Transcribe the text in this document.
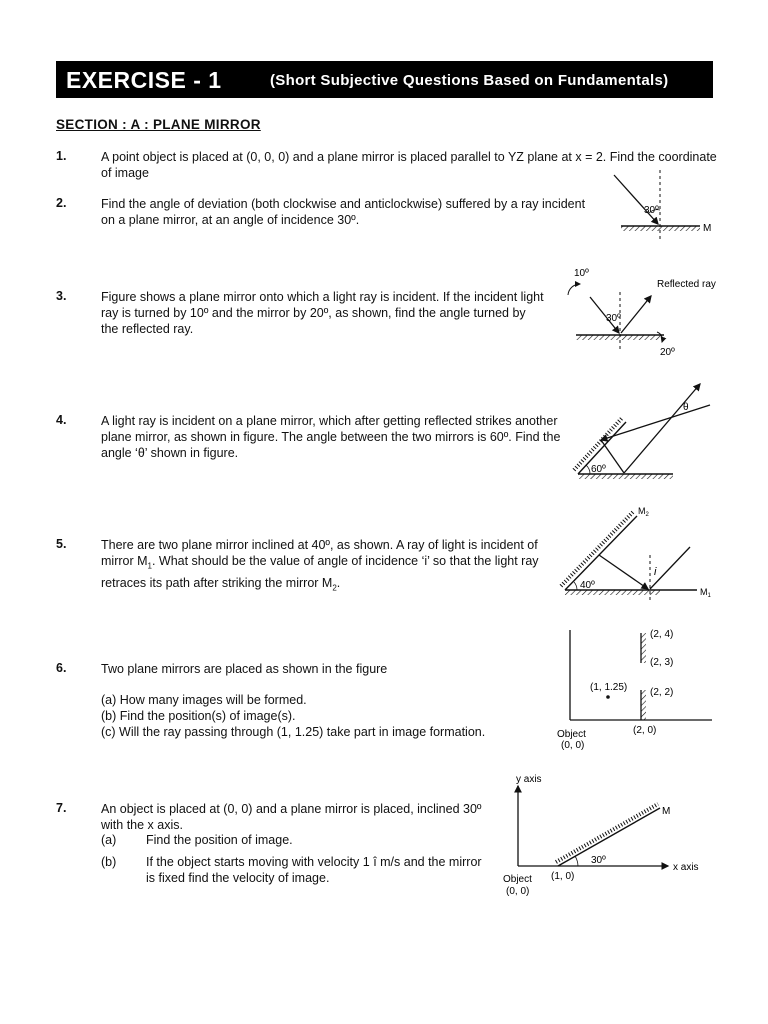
EXERCISE - 1	(Short Subjective Questions Based on Fundamentals)
SECTION : A : PLANE MIRROR
1.	A point object is placed at (0, 0, 0) and a plane mirror is placed parallel to YZ plane at x = 2. Find the coordinate of image
2.	Find the angle of deviation (both clockwise and anticlockwise) suffered by a ray incident on a plane mirror, at an angle of incidence 30º.
3.	Figure shows a plane mirror onto which a light ray is incident. If the incident light ray is turned by 10º and the mirror by 20º, as shown, find the angle turned by the reflected ray.
4.	A light ray is incident on a plane mirror, which after getting reflected strikes another plane mirror, as shown in figure. The angle between the two mirrors is 60º. Find the angle ‘θ’ shown in figure.
5.	There are two plane mirror inclined at 40º, as shown. A ray of light is incident of mirror $M_1$. What should be the value of angle of incidence ‘i’ so that the light ray retraces its path after striking the mirror $M_2$.
6.	Two plane mirrors are placed as shown in the figure
(a) How many images will be formed.
(b) Find the position(s) of image(s).
(c) Will the ray passing through (1, 1.25) take part in image formation.
7.	An object is placed at (0, 0) and a plane mirror is placed, inclined 30º with the x axis.
(a) Find the position of image.
(b) If the object starts moving with velocity 1 î m/s and the mirror is fixed find the velocity of image.
30º
M
10º
30º
Reflected ray
20º
60º
θ
40º
$M_2$
$M_1$
i
(2, 4)
(2, 3)
(2, 2)
(2, 0)
(1, 1.25)
Object
(0, 0)
30º
M
y axis
x axis
(1, 0)
Object
(0, 0)
